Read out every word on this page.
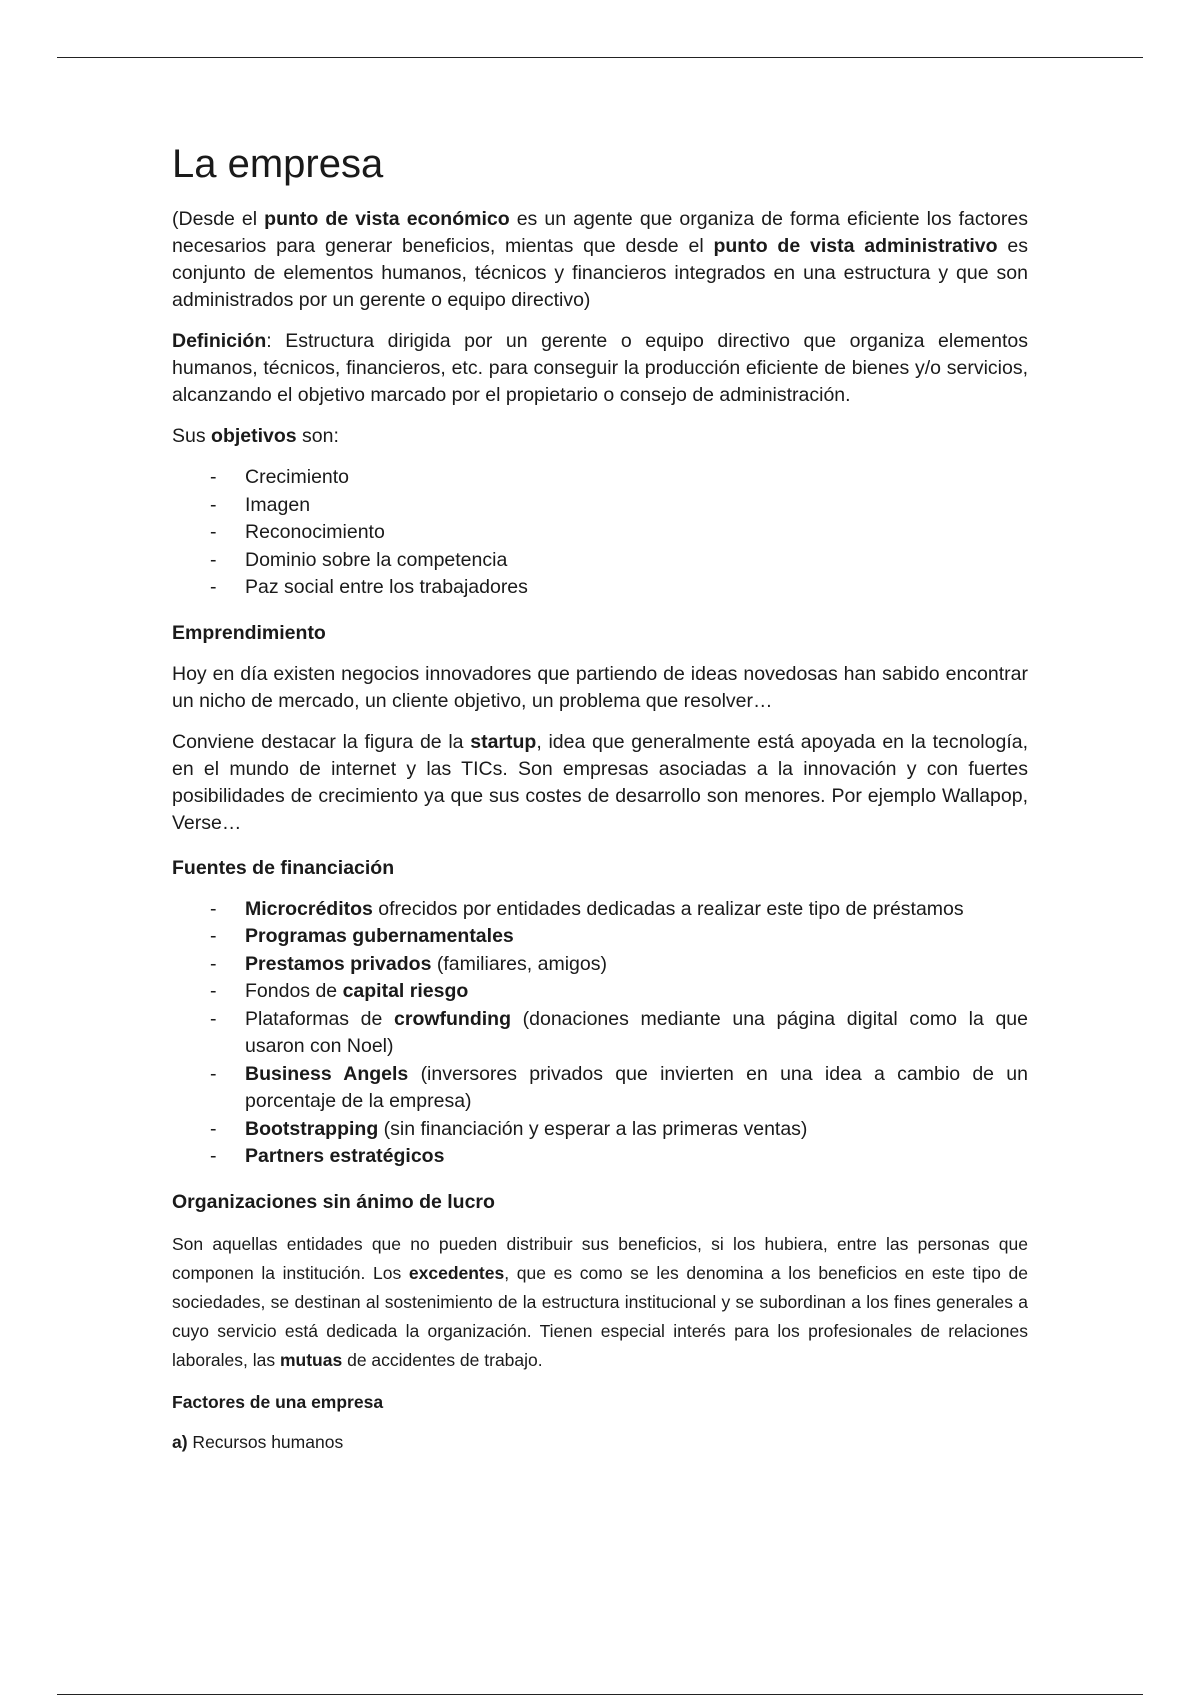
La empresa

(Desde el punto de vista económico es un agente que organiza de forma eficiente los factores necesarios para generar beneficios, mientas que desde el punto de vista administrativo es conjunto de elementos humanos, técnicos y financieros integrados en una estructura y que son administrados por un gerente o equipo directivo)

Definición: Estructura dirigida por un gerente o equipo directivo que organiza elementos humanos, técnicos, financieros, etc. para conseguir la producción eficiente de bienes y/o servicios, alcanzando el objetivo marcado por el propietario o consejo de administración.

Sus objetivos son:

- Crecimiento
- Imagen
- Reconocimiento
- Dominio sobre la competencia
- Paz social entre los trabajadores
Emprendimiento

Hoy en día existen negocios innovadores que partiendo de ideas novedosas han sabido encontrar un nicho de mercado, un cliente objetivo, un problema que resolver…

Conviene destacar la figura de la startup, idea que generalmente está apoyada en la tecnología, en el mundo de internet y las TICs. Son empresas asociadas a la innovación y con fuertes posibilidades de crecimiento ya que sus costes de desarrollo son menores. Por ejemplo Wallapop, Verse…

Fuentes de financiación
- Microcréditos ofrecidos por entidades dedicadas a realizar este tipo de préstamos
- Programas gubernamentales
- Prestamos privados (familiares, amigos)
- Fondos de capital riesgo
- Plataformas de crowfunding (donaciones mediante una página digital como la que usaron con Noel)
- Business Angels (inversores privados que invierten en una idea a cambio de un porcentaje de la empresa)
- Bootstrapping (sin financiación y esperar a las primeras ventas)
- Partners estratégicos
Organizaciones sin ánimo de lucro

Son aquellas entidades que no pueden distribuir sus beneficios, si los hubiera, entre las personas que componen la institución. Los excedentes, que es como se les denomina a los beneficios en este tipo de sociedades, se destinan al sostenimiento de la estructura institucional y se subordinan a los fines generales a cuyo servicio está dedicada la organización. Tienen especial interés para los profesionales de relaciones laborales, las mutuas de accidentes de trabajo.

Factores de una empresa

a) Recursos humanos
